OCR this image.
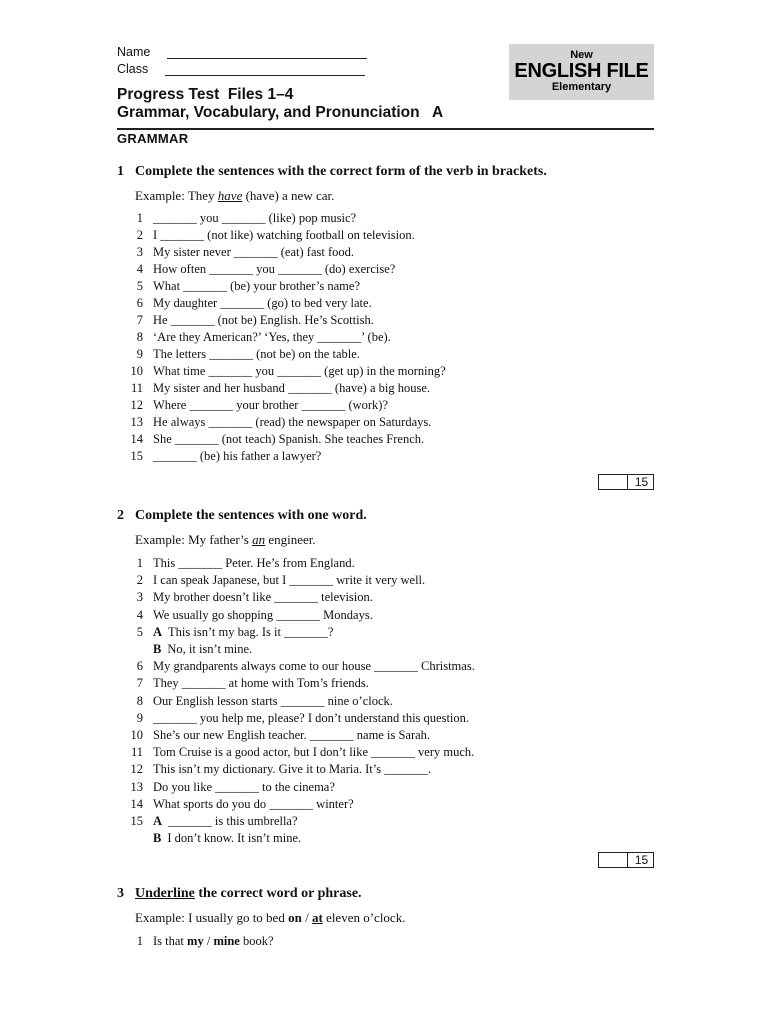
Name
Class
New
ENGLISH FILE
Elementary
Progress Test  Files 1–4
Grammar, Vocabulary, and Pronunciation   A
GRAMMAR
1 Complete the sentences with the correct form of the verb in brackets.
Example: They have (have) a new car.
1 _______ you _______ (like) pop music?
2 I _______ (not like) watching football on television.
3 My sister never _______ (eat) fast food.
4 How often _______ you _______ (do) exercise?
5 What _______ (be) your brother’s name?
6 My daughter _______ (go) to bed very late.
7 He _______ (not be) English. He’s Scottish.
8 ‘Are they American?’ ‘Yes, they _______’ (be).
9 The letters _______ (not be) on the table.
10 What time _______ you _______ (get up) in the morning?
11 My sister and her husband _______ (have) a big house.
12 Where _______ your brother _______ (work)?
13 He always _______ (read) the newspaper on Saturdays.
14 She _______ (not teach) Spanish. She teaches French.
15 _______ (be) his father a lawyer?
15
2 Complete the sentences with one word.
Example: My father’s an engineer.
1 This _______ Peter. He’s from England.
2 I can speak Japanese, but I _______ write it very well.
3 My brother doesn’t like _______ television.
4 We usually go shopping _______ Mondays.
5 A This isn’t my bag. Is it _______?
B No, it isn’t mine.
6 My grandparents always come to our house _______ Christmas.
7 They _______ at home with Tom’s friends.
8 Our English lesson starts _______ nine o’clock.
9 _______ you help me, please? I don’t understand this question.
10 She’s our new English teacher. _______ name is Sarah.
11 Tom Cruise is a good actor, but I don’t like _______ very much.
12 This isn’t my dictionary. Give it to Maria. It’s _______.
13 Do you like _______ to the cinema?
14 What sports do you do _______ winter?
15 A _______ is this umbrella?
B I don’t know. It isn’t mine.
15
3 Underline the correct word or phrase.
Example: I usually go to bed on / at eleven o’clock.
1 Is that my / mine book?
